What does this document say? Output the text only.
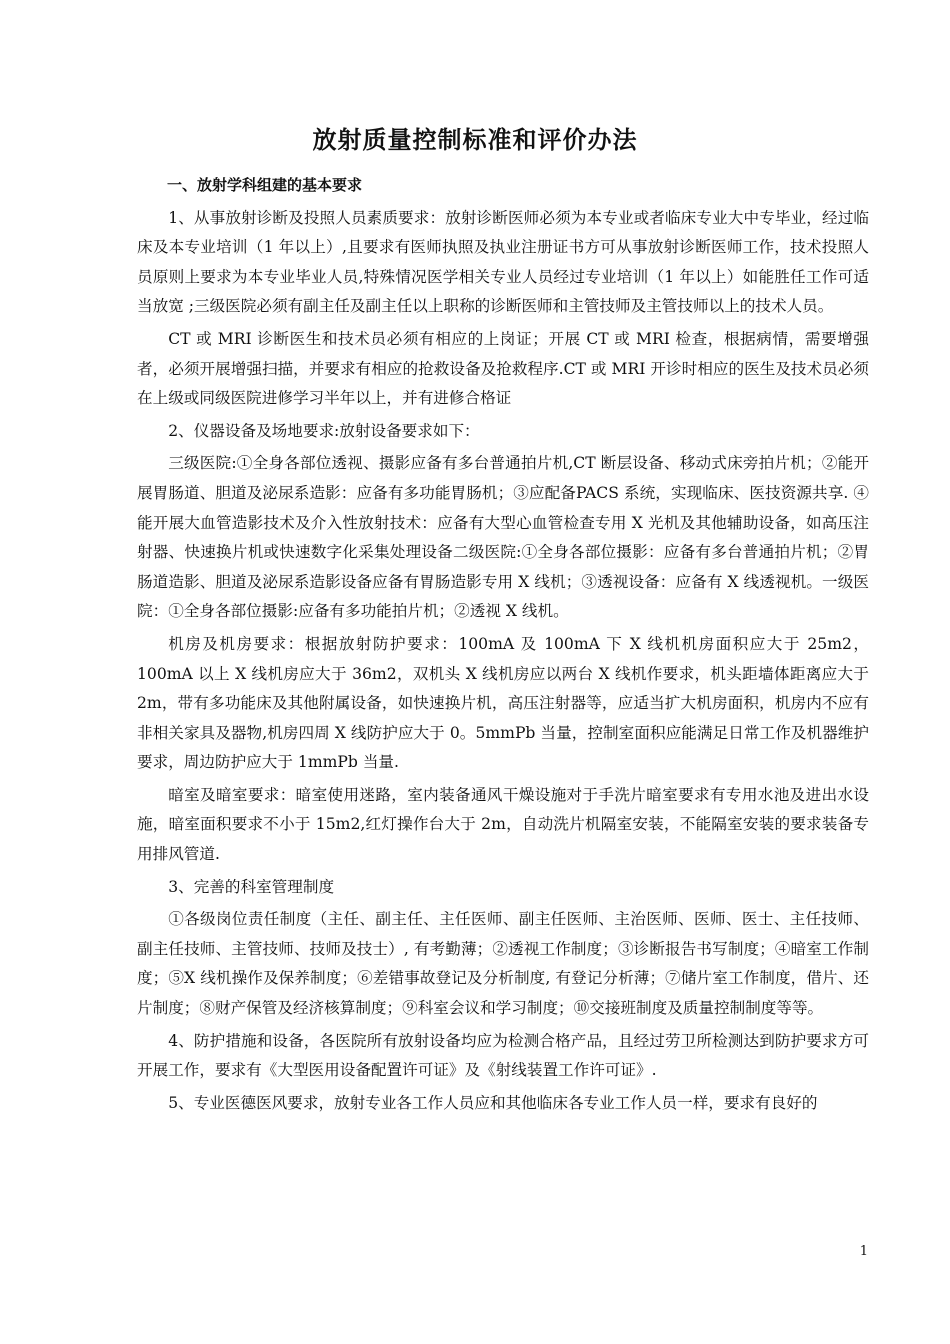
放射质量控制标准和评价办法

一、放射学科组建的基本要求

1、从事放射诊断及投照人员素质要求：放射诊断医师必须为本专业或者临床专业大中专毕业，经过临床及本专业培训（1 年以上）,且要求有医师执照及执业注册证书方可从事放射诊断医师工作，技术投照人员原则上要求为本专业毕业人员,特殊情况医学相关专业人员经过专业培训（1 年以上）如能胜任工作可适当放宽 ;三级医院必须有副主任及副主任以上职称的诊断医师和主管技师及主管技师以上的技术人员。

CT 或 MRI 诊断医生和技术员必须有相应的上岗证；开展 CT 或 MRI 检查，根据病情，需要增强者，必须开展增强扫描，并要求有相应的抢救设备及抢救程序.CT 或 MRI 开诊时相应的医生及技术员必须在上级或同级医院进修学习半年以上，并有进修合格证

2、仪器设备及场地要求:放射设备要求如下：

三级医院:①全身各部位透视、摄影应备有多台普通拍片机,CT 断层设备、移动式床旁拍片机；②能开展胃肠道、胆道及泌尿系造影：应备有多功能胃肠机；③应配备PACS 系统，实现临床、医技资源共享. ④能开展大血管造影技术及介入性放射技术：应备有大型心血管检查专用 X 光机及其他辅助设备，如高压注射器、快速换片机或快速数字化采集处理设备二级医院:①全身各部位摄影：应备有多台普通拍片机；②胃肠道造影、胆道及泌尿系造影设备应备有胃肠造影专用 X 线机；③透视设备：应备有 X 线透视机。一级医院：①全身各部位摄影:应备有多功能拍片机；②透视 X 线机。

机房及机房要求：根据放射防护要求：100mA 及 100mA 下 X 线机机房面积应大于 25m2，100mA 以上 X 线机房应大于 36m2，双机头 X 线机房应以两台 X 线机作要求，机头距墙体距离应大于 2m，带有多功能床及其他附属设备，如快速换片机，高压注射器等，应适当扩大机房面积，机房内不应有非相关家具及器物,机房四周 X 线防护应大于 0。5mmPb 当量，控制室面积应能满足日常工作及机器维护要求，周边防护应大于 1mmPb 当量.

暗室及暗室要求：暗室使用迷路，室内装备通风干燥设施对于手洗片暗室要求有专用水池及进出水设施，暗室面积要求不小于 15m2,红灯操作台大于 2m，自动洗片机隔室安装，不能隔室安装的要求装备专用排风管道.

3、完善的科室管理制度

①各级岗位责任制度（主任、副主任、主任医师、副主任医师、主治医师、医师、医士、主任技师、副主任技师、主管技师、技师及技士）, 有考勤薄；②透视工作制度；③诊断报告书写制度；④暗室工作制度；⑤X 线机操作及保养制度；⑥差错事故登记及分析制度, 有登记分析薄；⑦储片室工作制度，借片、还片制度；⑧财产保管及经济核算制度；⑨科室会议和学习制度；⑩交接班制度及质量控制制度等等。

4、防护措施和设备，各医院所有放射设备均应为检测合格产品，且经过劳卫所检测达到防护要求方可开展工作，要求有《大型医用设备配置许可证》及《射线装置工作许可证》.

5、专业医德医风要求，放射专业各工作人员应和其他临床各专业工作人员一样，要求有良好的

1
